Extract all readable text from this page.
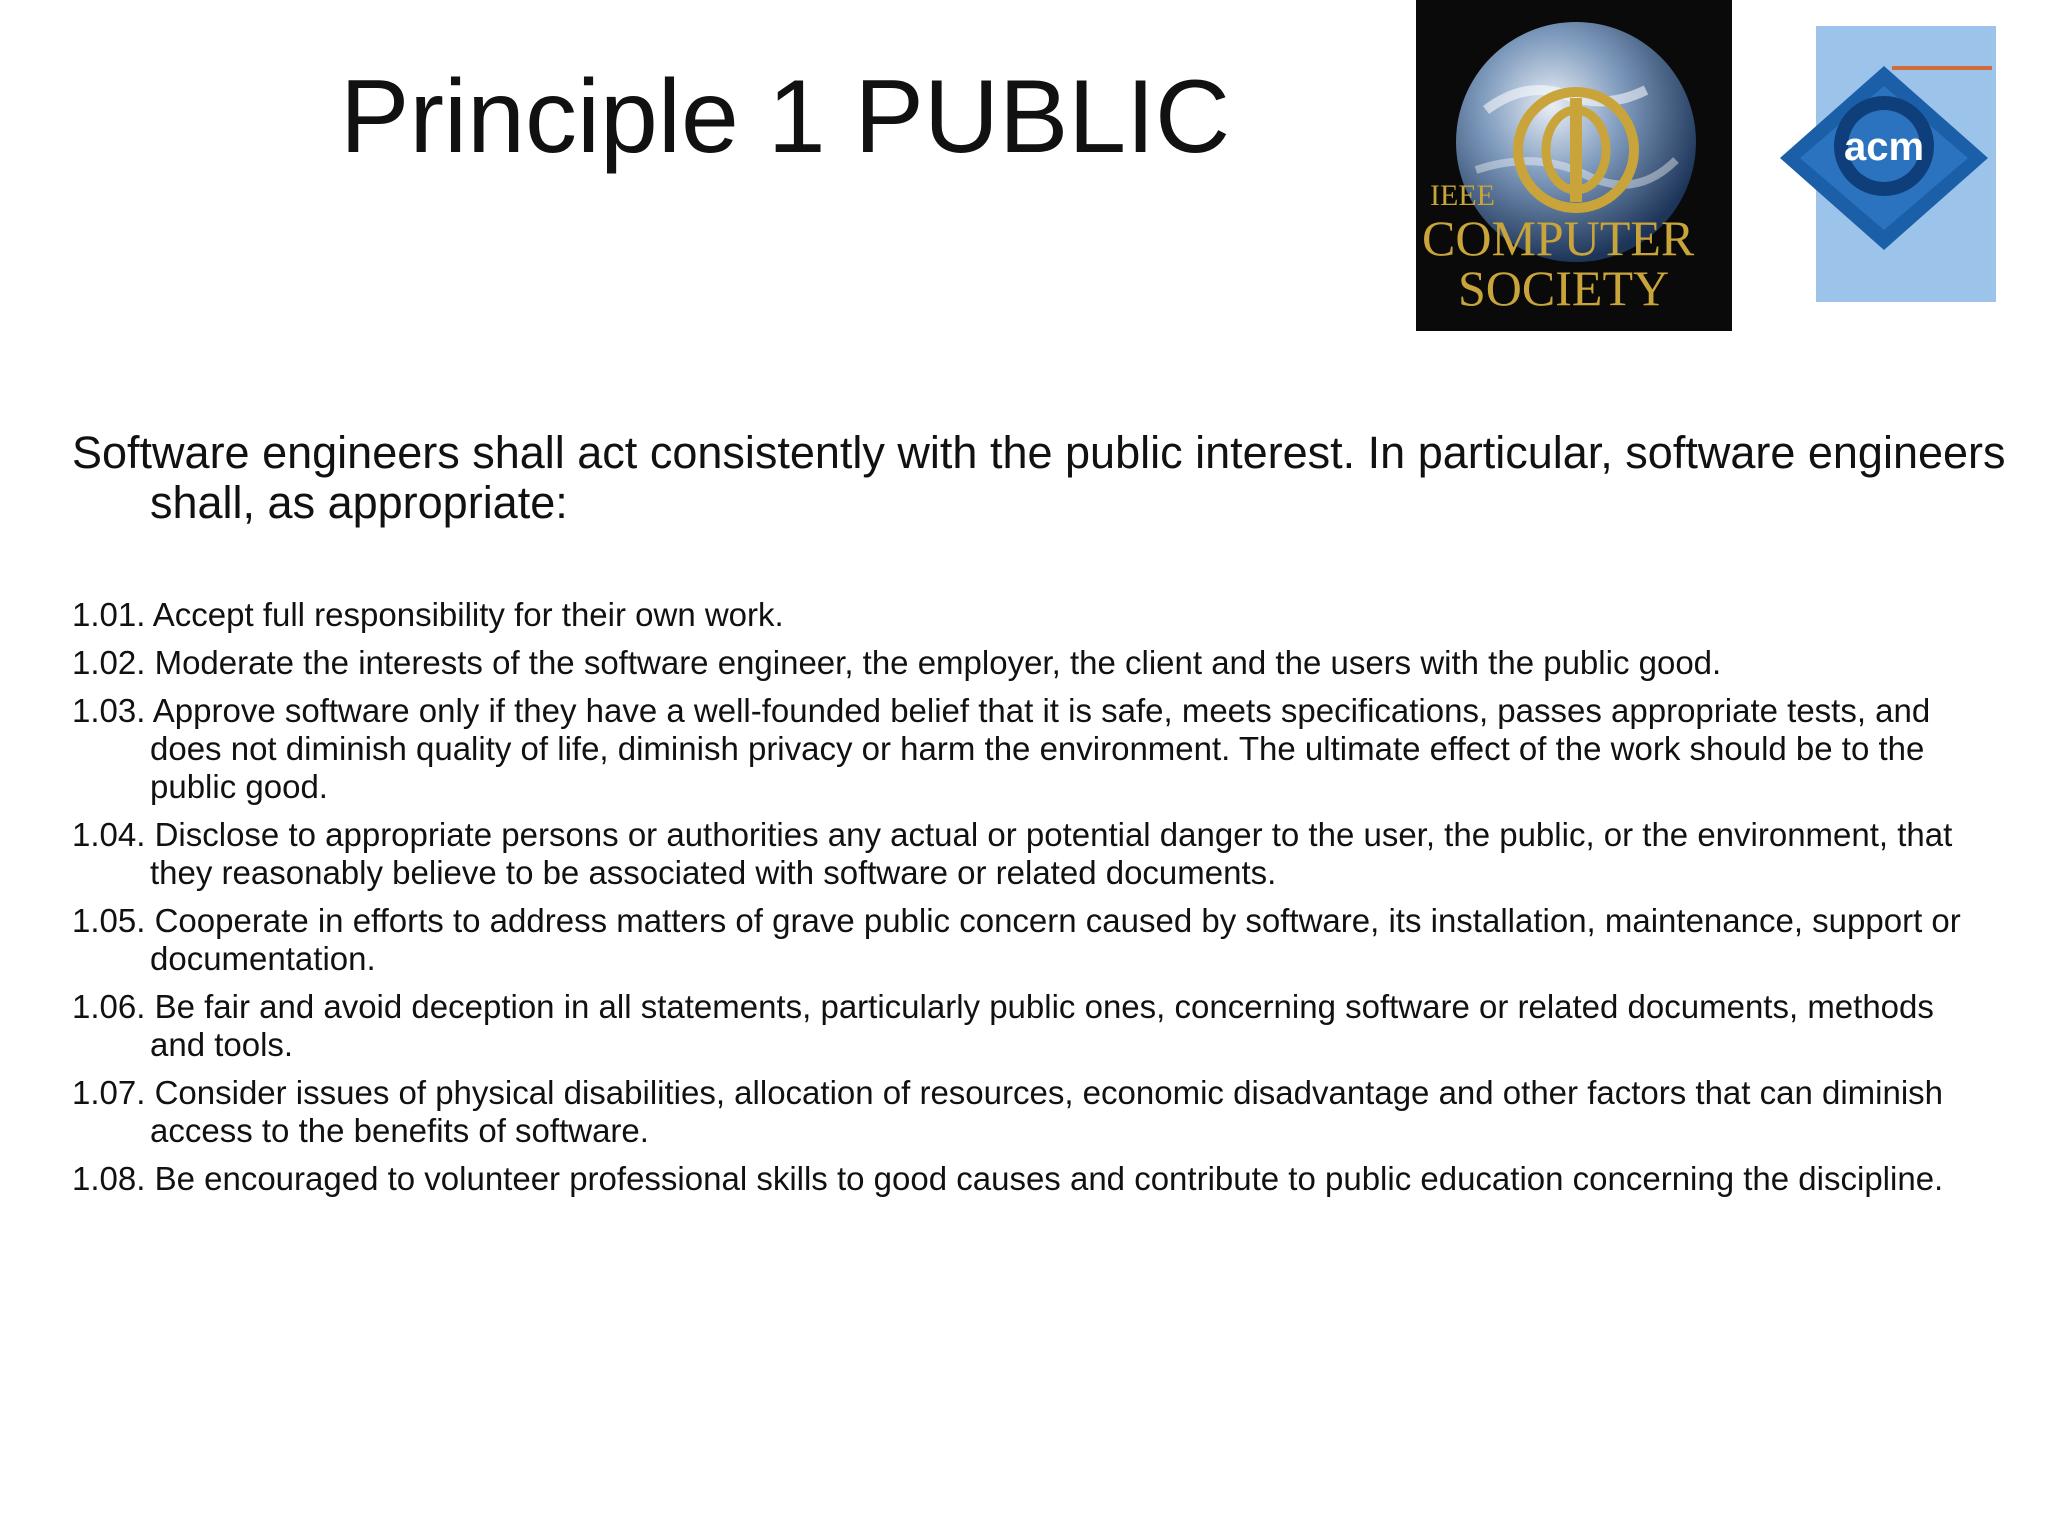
Principle 1 PUBLIC
IEEE
COMPUTER
SOCIETY
acm

Software engineers shall act consistently with the public interest. In particular, software engineers shall, as appropriate:

1.01. Accept full responsibility for their own work.
1.02. Moderate the interests of the software engineer, the employer, the client and the users with the public good.
1.03. Approve software only if they have a well-founded belief that it is safe, meets specifications, passes appropriate tests, and does not diminish quality of life, diminish privacy or harm the environment. The ultimate effect of the work should be to the public good.
1.04. Disclose to appropriate persons or authorities any actual or potential danger to the user, the public, or the environment, that they reasonably believe to be associated with software or related documents.
1.05. Cooperate in efforts to address matters of grave public concern caused by software, its installation, maintenance, support or documentation.
1.06. Be fair and avoid deception in all statements, particularly public ones, concerning software or related documents, methods and tools.
1.07. Consider issues of physical disabilities, allocation of resources, economic disadvantage and other factors that can diminish access to the benefits of software.
1.08. Be encouraged to volunteer professional skills to good causes and contribute to public education concerning the discipline.
